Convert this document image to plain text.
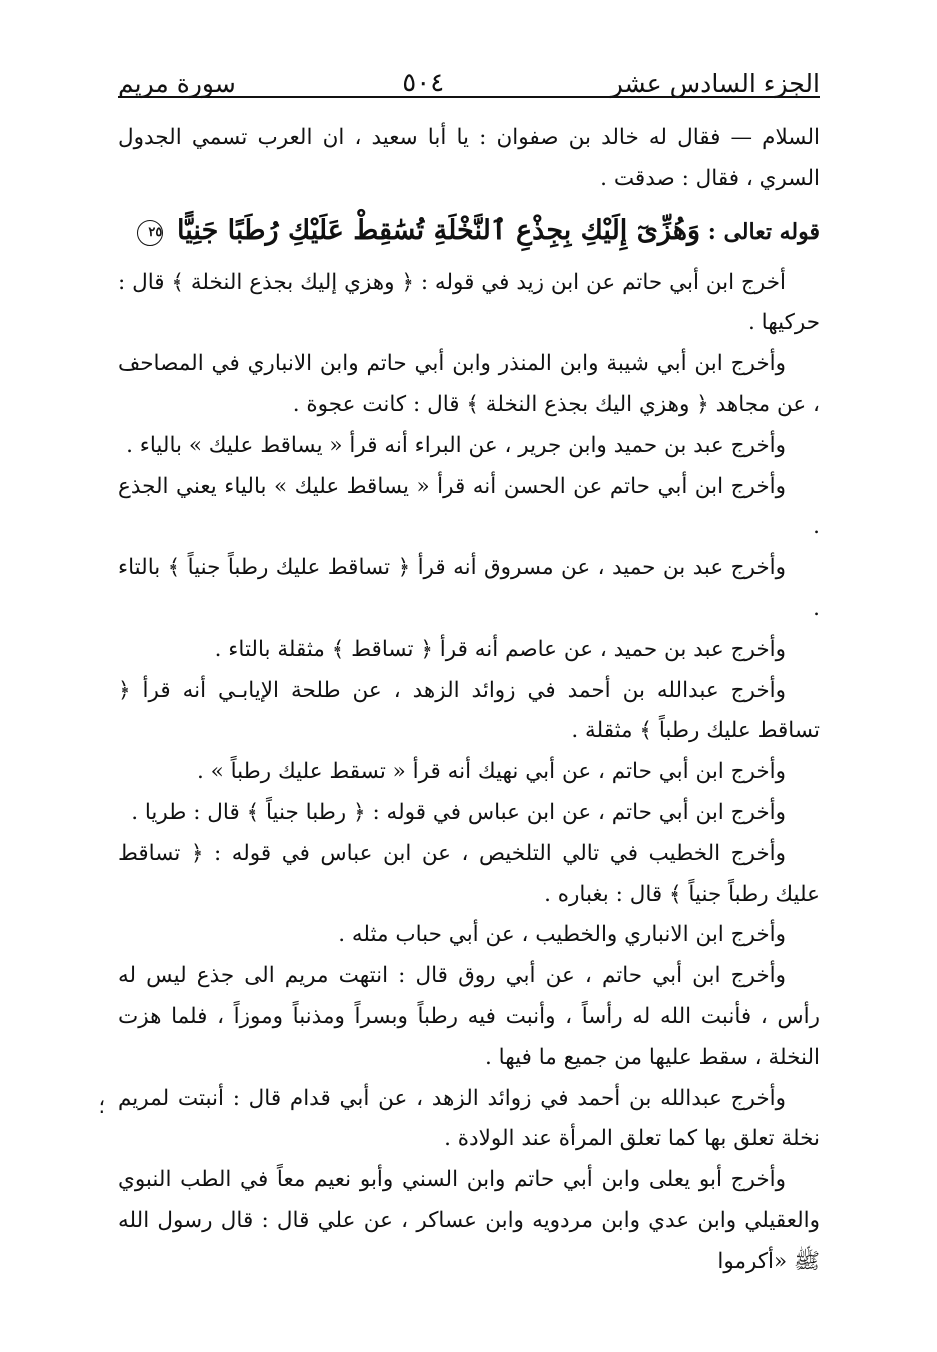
الجزء السادس عشر
٥٠٤
سورة مريم

السلام — فقال له خالد بن صفوان : يا أبا سعيد ، ان العرب تسمي الجدول السري ، فقال : صدقت .

قوله تعالى : وَهُزِّىٓ إِلَيْكِ بِجِذْعِ ٱلنَّخْلَةِ تُسَٰقِطْ عَلَيْكِ رُطَبًا جَنِيًّا ٢٥

أخرج ابن أبي حاتم عن ابن زيد في قوله : ﴿ وهزي إليك بجذع النخلة ﴾ قال : حركيها .

وأخرج ابن أبي شيبة وابن المنذر وابن أبي حاتم وابن الانباري في المصاحف ، عن مجاهد ﴿ وهزي اليك بجذع النخلة ﴾ قال : كانت عجوة .

وأخرج عبد بن حميد وابن جرير ، عن البراء أنه قرأ « يساقط عليك » بالياء .

وأخرج ابن أبي حاتم عن الحسن أنه قرأ « يساقط عليك » بالياء يعني الجذع .

وأخرج عبد بن حميد ، عن مسروق أنه قرأ ﴿ تساقط عليك رطباً جنياً ﴾ بالتاء .

وأخرج عبد بن حميد ، عن عاصم أنه قرأ ﴿ تساقط ﴾ مثقلة بالتاء .

وأخرج عبدالله بن أحمد في زوائد الزهد ، عن طلحة الإيابـي أنه قرأ ﴿ تساقط عليك رطباً ﴾ مثقلة .

وأخرج ابن أبي حاتم ، عن أبي نهيك أنه قرأ « تسقط عليك رطباً » .

وأخرج ابن أبي حاتم ، عن ابن عباس في قوله : ﴿ رطبا جنياً ﴾ قال : طريا .

وأخرج الخطيب في تالي التلخيص ، عن ابن عباس في قوله : ﴿ تساقط عليك رطباً جنياً ﴾ قال : بغباره .

وأخرج ابن الانباري والخطيب ، عن أبي حباب مثله .

وأخرج ابن أبي حاتم ، عن أبي روق قال : انتهت مريم الى جذع ليس له رأس ، فأنبت الله له رأساً ، وأنبت فيه رطباً وبسراً ومذنباً وموزاً ، فلما هزت النخلة ، سقط عليها من جميع ما فيها .

وأخرج عبدالله بن أحمد في زوائد الزهد ، عن أبي قدام قال : أنبتت لمريم نخلة تعلق بها كما تعلق المرأة عند الولادة .

وأخرج أبو يعلى وابن أبي حاتم وابن السني وأبو نعيم معاً في الطب النبوي والعقيلي وابن عدي وابن مردويه وابن عساكر ، عن علي قال : قال رسول الله ﷺ «أكرموا

؛
